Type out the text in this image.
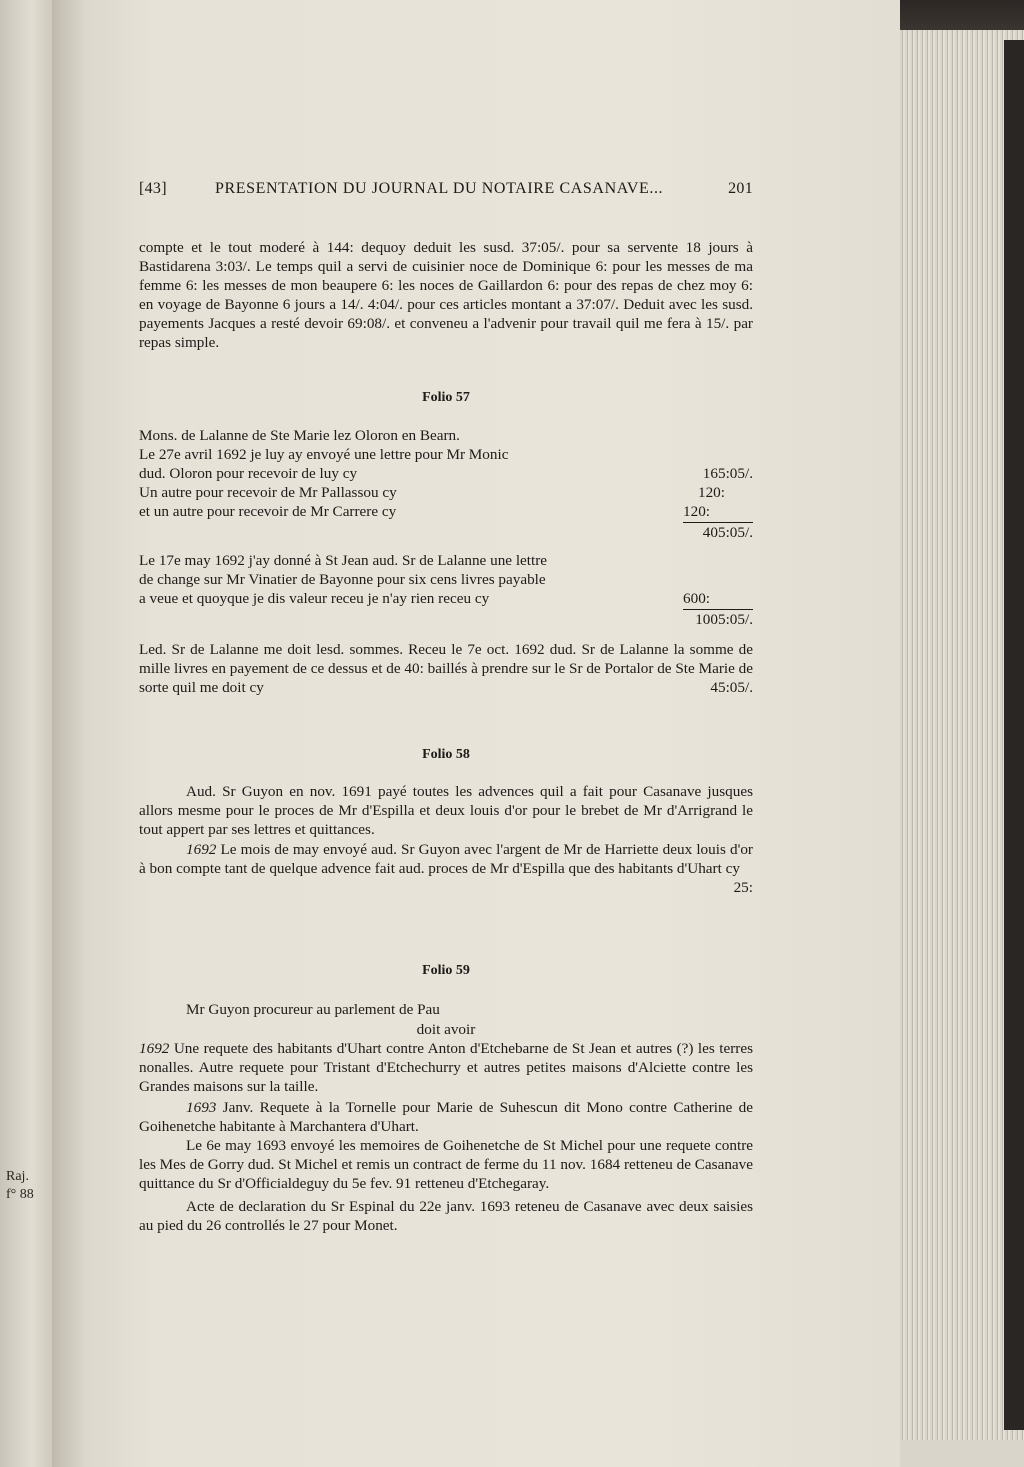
Raj.
f° 88
[43]	PRESENTATION DU JOURNAL DU NOTAIRE CASANAVE...	201
compte et le tout moderé à 144: dequoy deduit les susd. 37:05/. pour sa servente 18 jours à Bastidarena 3:03/. Le temps quil a servi de cuisinier noce de Dominique 6: pour les messes de ma femme 6: les messes de mon beaupere 6: les noces de Gaillardon 6: pour des repas de chez moy 6: en voyage de Bayonne 6 jours a 14/. 4:04/. pour ces articles montant a 37:07/. Deduit avec les susd. payements Jacques a resté devoir 69:08/. et conveneu a l'advenir pour travail quil me fera à 15/. par repas simple.
Folio 57
Mons. de Lalanne de Ste Marie lez Oloron en Bearn.
Le 27e avril 1692 je luy ay envoyé une lettre pour Mr Monic
dud. Oloron pour recevoir de luy cy	165:05/.
Un autre pour recevoir de Mr Pallassou cy	120:
et un autre pour recevoir de Mr Carrere cy	120:
405:05/.
Le 17e may 1692 j'ay donné à St Jean aud. Sr de Lalanne une lettre
de change sur Mr Vinatier de Bayonne pour six cens livres payable
a veue et quoyque je dis valeur receu je n'ay rien receu cy	600:
1005:05/.
Led. Sr de Lalanne me doit lesd. sommes. Receu le 7e oct. 1692 dud. Sr de Lalanne la somme de mille livres en payement de ce dessus et de 40: baillés à prendre sur le Sr de Portalor de Ste Marie de sorte quil me doit cy	45:05/.
Folio 58
Aud. Sr Guyon en nov. 1691 payé toutes les advences quil a fait pour Casanave jusques allors mesme pour le proces de Mr d'Espilla et deux louis d'or pour le brebet de Mr d'Arrigrand le tout appert par ses lettres et quittances.
1692 Le mois de may envoyé aud. Sr Guyon avec l'argent de Mr de Harriette deux louis d'or à bon compte tant de quelque advence fait aud. proces de Mr d'Espilla que des habitants d'Uhart cy
25:
Folio 59
Mr Guyon procureur au parlement de Pau
doit avoir
1692 Une requete des habitants d'Uhart contre Anton d'Etchebarne de St Jean et autres (?) les terres nonalles. Autre requete pour Tristant d'Etchechurry et autres petites maisons d'Alciette contre les Grandes maisons sur la taille.
1693 Janv. Requete à la Tornelle pour Marie de Suhescun dit Mono contre Catherine de Goihenetche habitante à Marchantera d'Uhart.
Le 6e may 1693 envoyé les memoires de Goihenetche de St Michel pour une requete contre les Mes de Gorry dud. St Michel et remis un contract de ferme du 11 nov. 1684 retteneu de Casanave quittance du Sr d'Officialdeguy du 5e fev. 91 retteneu d'Etchegaray.
Acte de declaration du Sr Espinal du 22e janv. 1693 reteneu de Casanave avec deux saisies au pied du 26 controllés le 27 pour Monet.
